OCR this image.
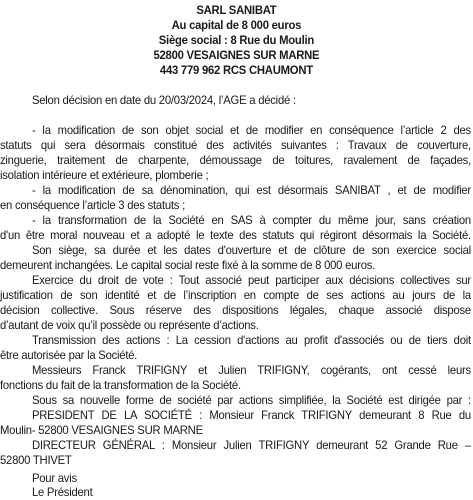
SARL SANIBAT
Au capital de 8 000 euros
Siège social : 8 Rue du Moulin
52800 VESAIGNES SUR MARNE
443 779 962 RCS CHAUMONT
Selon décision en date du 20/03/2024, l’AGE a décidé :
- la modification de son objet social et de modifier en conséquence l’article 2 des
statuts qui sera désormais constitué des activités suivantes : Travaux de couverture,
zinguerie, traitement de charpente, démoussage de toitures, ravalement de façades,
isolation intérieure et extérieure, plomberie ;
- la modification de sa dénomination, qui est désormais SANIBAT , et de modifier
en conséquence l’article 3 des statuts ;
- la transformation de la Société en SAS à compter du même jour, sans création
d'un être moral nouveau et a adopté le texte des statuts qui régiront désormais la Société.
Son siège, sa durée et les dates d'ouverture et de clôture de son exercice social
demeurent inchangées. Le capital social reste fixé à la somme de 8 000 euros.
Exercice du droit de vote : Tout associé peut participer aux décisions collectives sur
justification de son identité et de l’inscription en compte de ses actions au jours de la
décision collective. Sous réserve des dispositions légales, chaque associé dispose
d’autant de voix qu’il possède ou représente d’actions.
Transmission des actions : La cession d'actions au profit d'associés ou de tiers doit
être autorisée par la Société.
Messieurs Franck TRIFIGNY et Julien TRIFIGNY, cogérants, ont cessé leurs
fonctions du fait de la transformation de la Société.
Sous sa nouvelle forme de société par actions simplifiée, la Société est dirigée par :
PRESIDENT DE LA SOCIÉTÉ : Monsieur Franck TRIFIGNY demeurant 8 Rue du
Moulin- 52800 VESAIGNES SUR MARNE
DIRECTEUR GÉNÉRAL : Monsieur Julien TRIFIGNY demeurant 52 Grande Rue –
52800 THIVET
Pour avis
Le Président
